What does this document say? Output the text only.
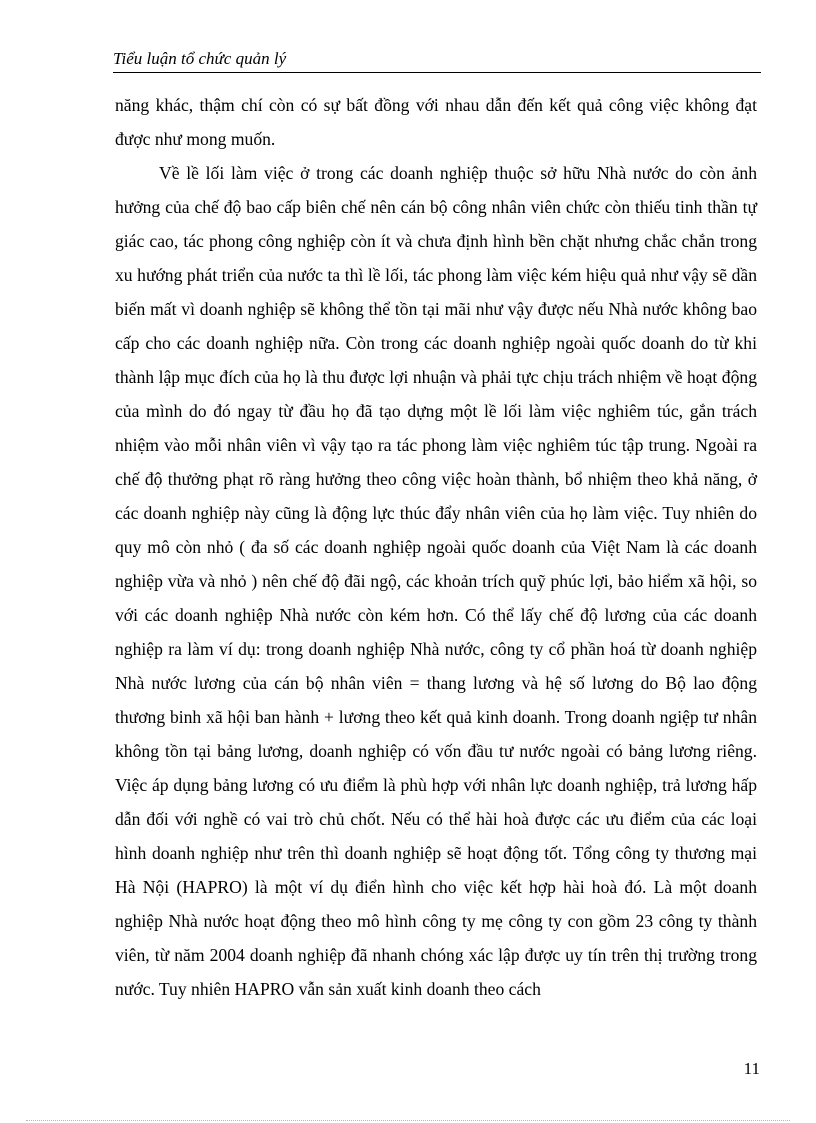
Tiểu luận tổ chức quản lý

năng khác, thậm chí còn có sự bất đồng với nhau dẫn đến kết quả công việc không đạt được như mong muốn.

Về lề lối làm việc ở trong các doanh nghiệp thuộc sở hữu Nhà nước do còn ảnh hưởng của chế độ bao cấp biên chế nên cán bộ công nhân viên chức còn thiếu tinh thần tự giác cao, tác phong công nghiệp còn ít và chưa định hình bền chặt nhưng chắc chắn trong xu hướng phát triển của nước ta thì lề lối, tác phong làm việc kém hiệu quả như vậy sẽ dần biến mất vì doanh nghiệp sẽ không thể tồn tại mãi như vậy được nếu Nhà nước không bao cấp cho các doanh nghiệp nữa. Còn trong các doanh nghiệp ngoài quốc doanh do từ khi thành lập mục đích của họ là thu được lợi nhuận và phải tực chịu trách nhiệm về hoạt động của mình do đó ngay từ đầu họ đã tạo dựng một lề lối làm việc nghiêm túc, gắn trách nhiệm vào mỗi nhân viên vì vậy tạo ra tác phong làm việc nghiêm túc tập trung. Ngoài ra chế độ thưởng phạt rõ ràng hưởng theo công việc hoàn thành, bổ nhiệm theo khả năng, ở các doanh nghiệp này cũng là động lực thúc đẩy nhân viên của họ làm việc. Tuy nhiên do quy mô còn nhỏ ( đa số các doanh nghiệp ngoài quốc doanh của Việt Nam là các doanh nghiệp vừa và nhỏ ) nên chế độ đãi ngộ, các khoản trích quỹ phúc lợi, bảo hiểm xã hội, so với các doanh nghiệp Nhà nước còn kém hơn. Có thể lấy chế độ lương của các doanh nghiệp ra làm ví dụ: trong doanh nghiệp Nhà nước, công ty cổ phần hoá từ doanh nghiệp Nhà nước lương của cán bộ nhân viên = thang lương và hệ số lương do Bộ lao động thương binh xã hội ban hành + lương theo kết quả kinh doanh. Trong doanh ngiệp tư nhân không tồn tại bảng lương, doanh nghiệp có vốn đầu tư nước ngoài có bảng lương riêng. Việc áp dụng bảng lương có ưu điểm là phù hợp với nhân lực doanh nghiệp, trả lương hấp dẫn đối với nghề có vai trò chủ chốt. Nếu có thể hài hoà được các ưu điểm của các loại hình doanh nghiệp như trên thì doanh nghiệp sẽ hoạt động tốt. Tổng công ty thương mại Hà Nội (HAPRO) là một ví dụ điển hình cho việc kết hợp hài hoà đó. Là một doanh nghiệp Nhà nước hoạt động theo mô hình công ty mẹ công ty con gồm 23 công ty thành viên, từ năm 2004 doanh nghiệp đã nhanh chóng xác lập được uy tín trên thị trường trong nước. Tuy nhiên HAPRO vẫn sản xuất kinh doanh theo cách

11
